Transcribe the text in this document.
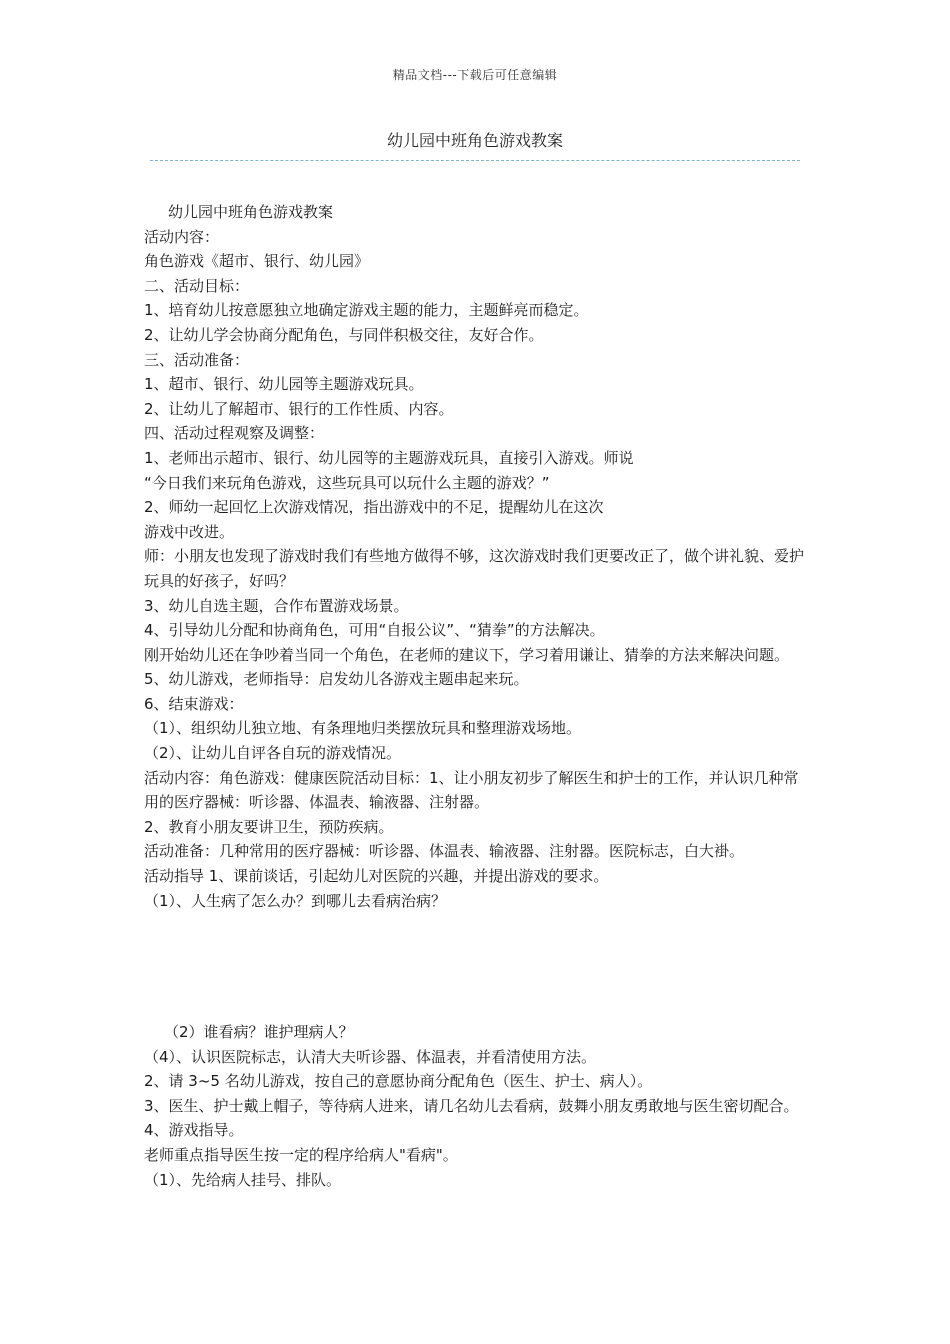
精品文档---下载后可任意编辑
幼儿园中班角色游戏教案

幼儿园中班角色游戏教案

活动内容：

角色游戏《超市、银行、幼儿园》

二、活动目标：

1、培育幼儿按意愿独立地确定游戏主题的能力，主题鲜亮而稳定。

2、让幼儿学会协商分配角色，与同伴积极交往，友好合作。

三、活动准备：

1、超市、银行、幼儿园等主题游戏玩具。

2、让幼儿了解超市、银行的工作性质、内容。

四、活动过程观察及调整：

1、老师出示超市、银行、幼儿园等的主题游戏玩具，直接引入游戏。师说

“今日我们来玩角色游戏，这些玩具可以玩什么主题的游戏？”

2、师幼一起回忆上次游戏情况，指出游戏中的不足，提醒幼儿在这次

游戏中改进。

师：小朋友也发现了游戏时我们有些地方做得不够，这次游戏时我们更要改正了，做个讲礼貌、爱护玩具的好孩子，好吗？

3、幼儿自选主题，合作布置游戏场景。

4、引导幼儿分配和协商角色，可用“自报公议”、“猜拳”的方法解决。

刚开始幼儿还在争吵着当同一个角色，在老师的建议下，学习着用谦让、猜拳的方法来解决问题。

5、幼儿游戏，老师指导：启发幼儿各游戏主题串起来玩。

6、结束游戏：

（1）、组织幼儿独立地、有条理地归类摆放玩具和整理游戏场地。

（2）、让幼儿自评各自玩的游戏情况。

活动内容：角色游戏：健康医院活动目标：1、让小朋友初步了解医生和护士的工作，并认识几种常用的医疗器械：听诊器、体温表、输液器、注射器。

2、教育小朋友要讲卫生，预防疾病。

活动准备：几种常用的医疗器械：听诊器、体温表、输液器、注射器。医院标志，白大褂。

活动指导 1、课前谈话，引起幼儿对医院的兴趣，并提出游戏的要求。

（1）、人生病了怎么办？到哪儿去看病治病？

（2）谁看病？谁护理病人？

（4）、认识医院标志，认清大夫听诊器、体温表，并看清使用方法。

2、请 3~5 名幼儿游戏，按自己的意愿协商分配角色（医生、护士、病人）。

3、医生、护士戴上帽子，等待病人进来，请几名幼儿去看病，鼓舞小朋友勇敢地与医生密切配合。

4、游戏指导。

老师重点指导医生按一定的程序给病人"看病"。

（1）、先给病人挂号、排队。
